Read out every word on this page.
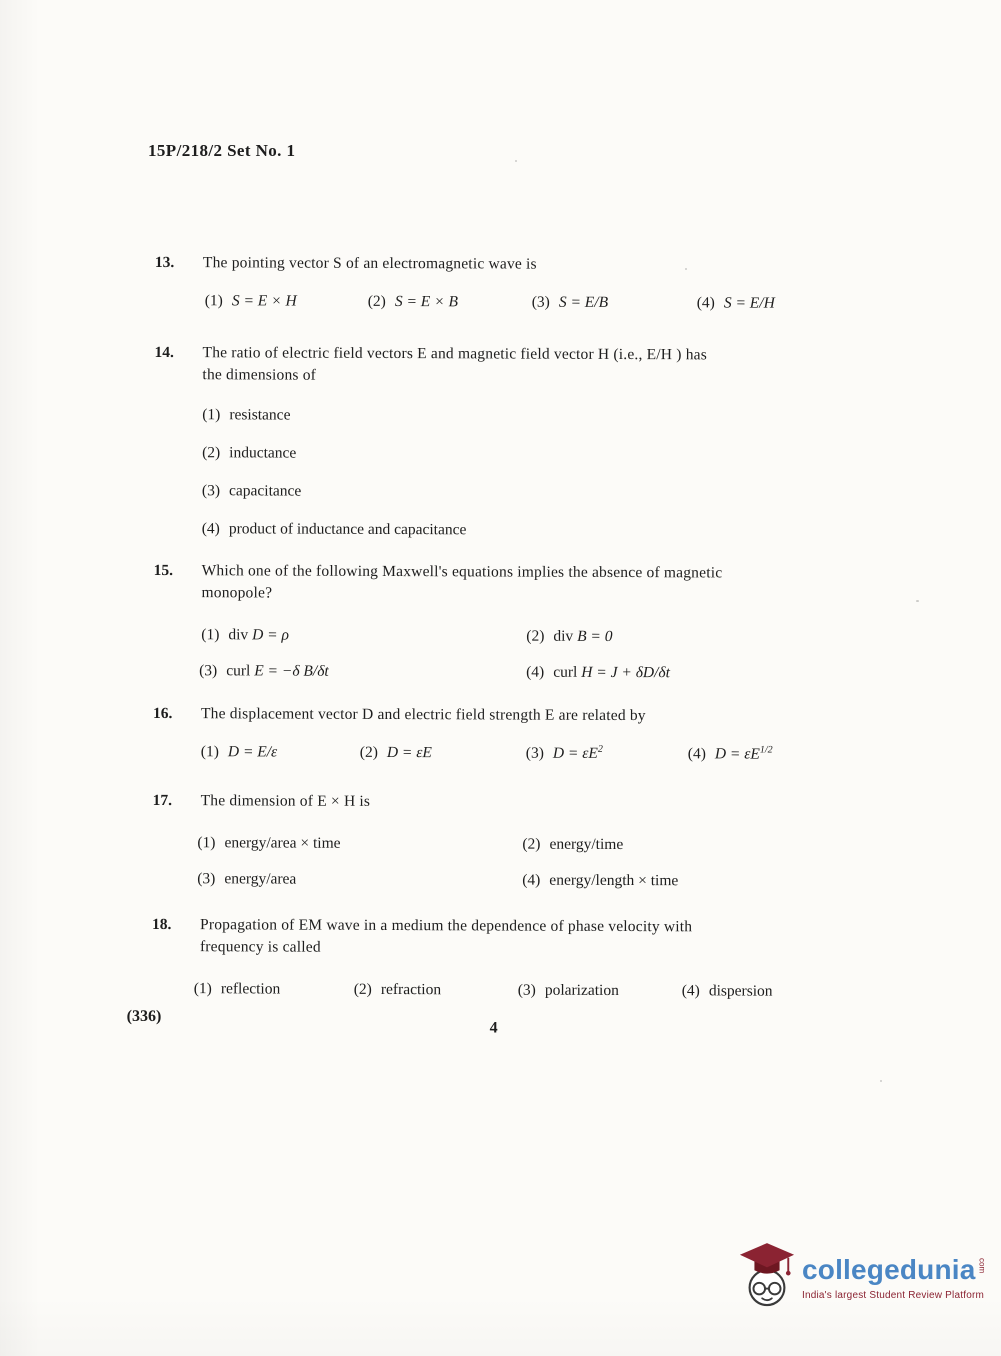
15P/218/2 Set No. 1
13. The pointing vector S of an electromagnetic wave is
(1) S = E × H	(2) S = E × B	(3) S = E/B	(4) S = E/H
14. The ratio of electric field vectors E and magnetic field vector H (i.e., E/H ) has
the dimensions of
(1) resistance
(2) inductance
(3) capacitance
(4) product of inductance and capacitance
15. Which one of the following Maxwell's equations implies the absence of magnetic
monopole?
(1) div D = ρ	(2) div B = 0
(3) curl E = −δ B/δt	(4) curl H = J + δD/δt
16. The displacement vector D and electric field strength E are related by
(1) D = E/ε	(2) D = εE	(3) $D = \varepsilon E^2$	(4) $D = \varepsilon E^{1/2}$
17. The dimension of E × H is
(1) energy/area × time	(2) energy/time
(3) energy/area	(4) energy/length × time
18. Propagation of EM wave in a medium the dependence of phase velocity with
frequency is called
(1) reflection	(2) refraction	(3) polarization	(4) dispersion
(336)
4
collegedunia com
India's largest Student Review Platform
